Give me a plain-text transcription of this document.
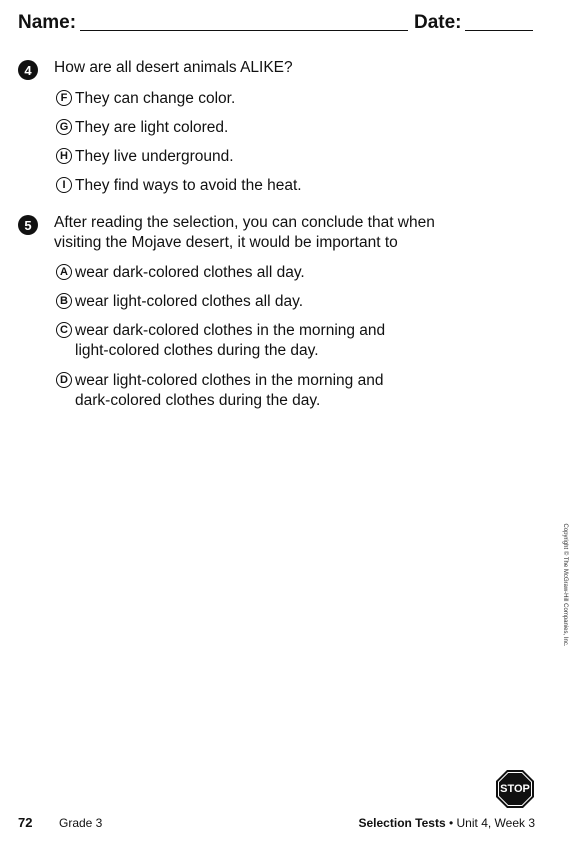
Name:	Date:
4	How are all desert animals ALIKE?
F They can change color.
G They are light colored.
H They live underground.
I They find ways to avoid the heat.
5	After reading the selection, you can conclude that when
visiting the Mojave desert, it would be important to
A wear dark-colored clothes all day.
B wear light-colored clothes all day.
C wear dark-colored clothes in the morning and
light-colored clothes during the day.
D wear light-colored clothes in the morning and
dark-colored clothes during the day.
Copyright © The McGraw-Hill Companies, Inc.
STOP
72 Grade 3	Selection Tests • Unit 4, Week 3
